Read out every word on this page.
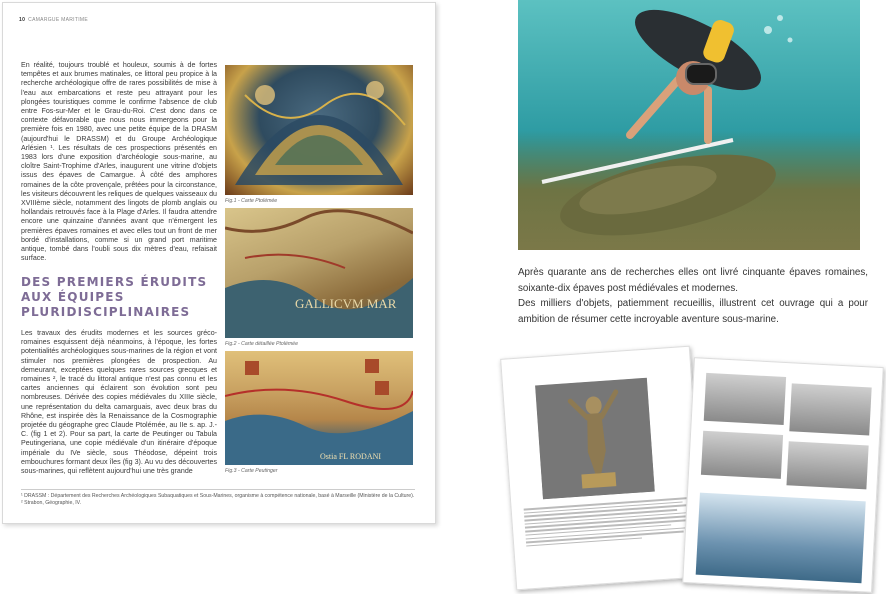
10 CAMARGUE MARITIME

En réalité, toujours troublé et houleux, soumis à de fortes tempêtes et aux brumes matinales, ce littoral peu propice à la recherche archéologique offre de rares possibilités de mise à l'eau aux embarcations et reste peu attrayant pour les plongées touristiques comme le confirme l'absence de club entre Fos-sur-Mer et le Grau-du-Roi. C'est donc dans ce contexte défavorable que nous nous immergeons pour la première fois en 1980, avec une petite équipe de la DRASM (aujourd'hui le DRASSM) et du Groupe Archéologique Arlésien ¹. Les résultats de ces prospections présentés en 1983 lors d'une exposition d'archéologie sous-marine, au cloître Saint-Trophime d'Arles, inaugurent une vitrine d'objets issus des épaves de Camargue. À côté des amphores romaines de la côte provençale, prêtées pour la circonstance, les visiteurs découvrent les reliques de quelques vaisseaux du XVIIIème siècle, notamment des lingots de plomb anglais ou hollandais retrouvés face à la Plage d'Arles. Il faudra attendre encore une quinzaine d'années avant que n'émergent les premières épaves romaines et avec elles tout un front de mer bordé d'installations, comme si un grand port maritime antique, tombé dans l'oubli sous dix mètres d'eau, refaisait surface.

DES PREMIERS ÉRUDITS AUX ÉQUIPES PLURIDISCIPLINAIRES

Les travaux des érudits modernes et les sources gréco-romaines esquissent déjà néanmoins, à l'époque, les fortes potentialités archéologiques sous-marines de la région et vont stimuler nos premières plongées de prospection. Au demeurant, exceptées quelques rares sources grecques et romaines ², le tracé du littoral antique n'est pas connu et les cartes anciennes qui éclairent son évolution sont peu nombreuses. Dérivée des copies médiévales du XIIIe siècle, une représentation du delta camarguais, avec deux bras du Rhône, est inspirée dès la Renaissance de la Cosmographie projetée du géographe grec Claude Ptolémée, au IIe s. ap. J.-C. (fig 1 et 2). Pour sa part, la carte de Peutinger ou Tabula Peutingeriana, une copie médiévale d'un itinéraire d'époque impériale du IVe siècle, sous Théodose, dépeint trois embouchures formant deux îles (fig 3). Au vu des découvertes sous-marines, qui reflètent aujourd'hui une très grande

Fig.1 - Carte Ptolémée
GALLICVM MAR
Fig.2 - Carte détaillée Ptolémée
Ostia FL RODANI
Fig.3 - Carte Peutinger
¹ DRASSM : Département des Recherches Archéologiques Subaquatiques et Sous-Marines, organisme à compétence nationale, basé à Marseille (Ministère de la Culture).
² Strabon, Géographie, IV.
Après quarante ans de recherches elles ont livré cinquante épaves romaines, soixante-dix épaves post médiévales et modernes.
Des milliers d'objets, patiemment recueillis, illustrent cet ouvrage qui a pour ambition de résumer cette incroyable aventure sous-marine.
